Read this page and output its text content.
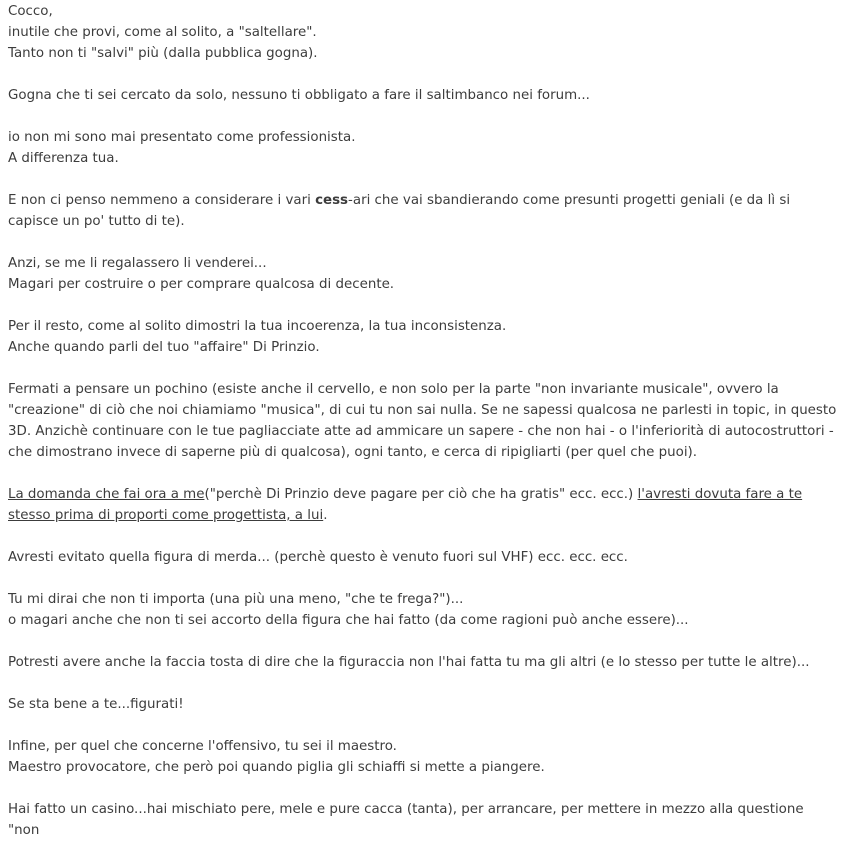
Cocco,
inutile che provi, come al solito, a "saltellare".
Tanto non ti "salvi" più (dalla pubblica gogna).

Gogna che ti sei cercato da solo, nessuno ti obbligato a fare il saltimbanco nei forum...

io non mi sono mai presentato come professionista.
A differenza tua.

E non ci penso nemmeno a considerare i vari cess-ari che vai sbandierando come presunti progetti geniali (e da lì si capisce un po' tutto di te).

Anzi, se me li regalassero li venderei...
Magari per costruire o per comprare qualcosa di decente.

Per il resto, come al solito dimostri la tua incoerenza, la tua inconsistenza.
Anche quando parli del tuo "affaire" Di Prinzio.

Fermati a pensare un pochino (esiste anche il cervello, e non solo per la parte "non invariante musicale", ovvero la "creazione" di ciò che noi chiamiamo "musica", di cui tu non sai nulla. Se ne sapessi qualcosa ne parlesti in topic, in questo 3D. Anzichè continuare con le tue pagliacciate atte ad ammicare un sapere - che non hai - o l'inferiorità di autocostruttori - che dimostrano invece di saperne più di qualcosa), ogni tanto, e cerca di ripigliarti (per quel che puoi).

La domanda che fai ora a me("perchè Di Prinzio deve pagare per ciò che ha gratis" ecc. ecc.) l'avresti dovuta fare a te stesso prima di proporti come progettista, a lui.

Avresti evitato quella figura di merda... (perchè questo è venuto fuori sul VHF) ecc. ecc. ecc.

Tu mi dirai che non ti importa (una più una meno, "che te frega?")...
o magari anche che non ti sei accorto della figura che hai fatto (da come ragioni può anche essere)...

Potresti avere anche la faccia tosta di dire che la figuraccia non l'hai fatta tu ma gli altri (e lo stesso per tutte le altre)...

Se sta bene a te...figurati!

Infine, per quel che concerne l'offensivo, tu sei il maestro.
Maestro provocatore, che però poi quando piglia gli schiaffi si mette a piangere.

Hai fatto un casino...hai mischiato pere, mele e pure cacca (tanta), per arrancare, per mettere in mezzo alla questione "non
